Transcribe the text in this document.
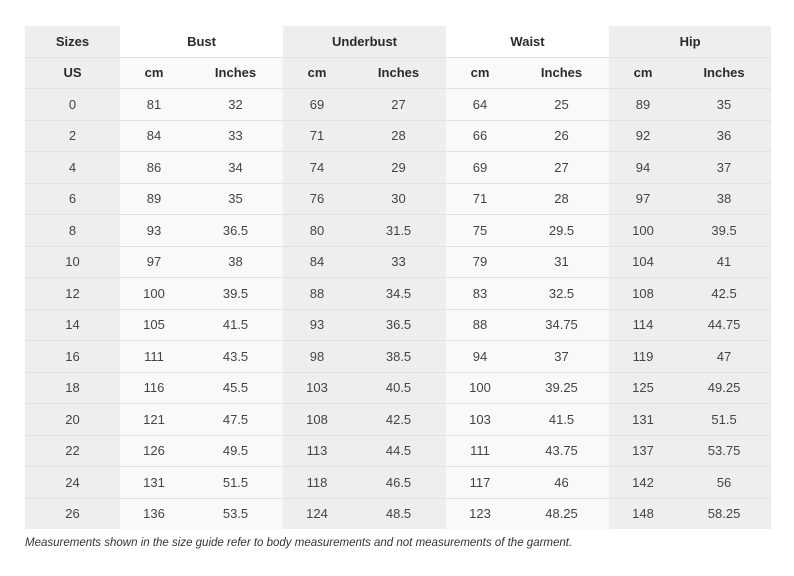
Sizes	Bust		Underbust		Waist		Hip	
US	cm	Inches	cm	Inches	cm	Inches	cm	Inches
0	81	32	69	27	64	25	89	35
2	84	33	71	28	66	26	92	36
4	86	34	74	29	69	27	94	37
6	89	35	76	30	71	28	97	38
8	93	36.5	80	31.5	75	29.5	100	39.5
10	97	38	84	33	79	31	104	41
12	100	39.5	88	34.5	83	32.5	108	42.5
14	105	41.5	93	36.5	88	34.75	114	44.75
16	111	43.5	98	38.5	94	37	119	47
18	116	45.5	103	40.5	100	39.25	125	49.25
20	121	47.5	108	42.5	103	41.5	131	51.5
22	126	49.5	113	44.5	111	43.75	137	53.75
24	131	51.5	118	46.5	117	46	142	56
26	136	53.5	124	48.5	123	48.25	148	58.25
Measurements shown in the size guide refer to body measurements and not measurements of the garment.
